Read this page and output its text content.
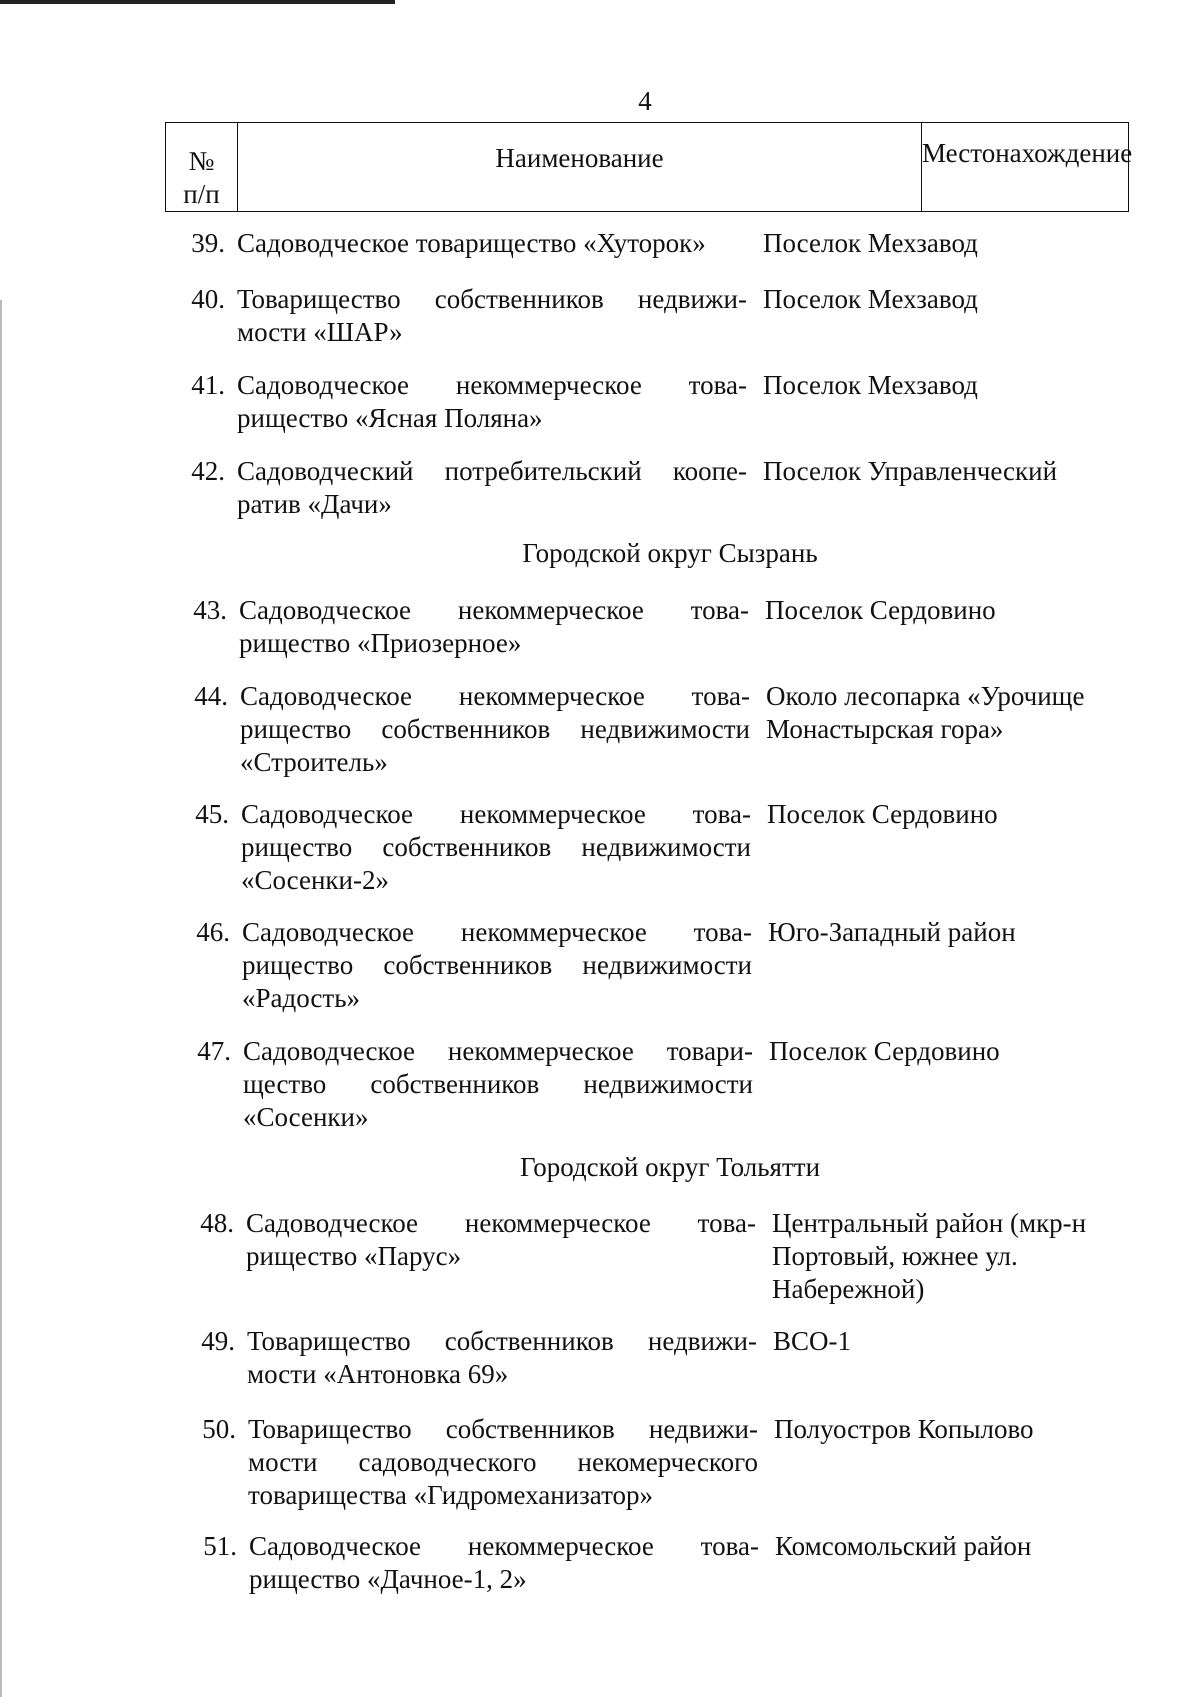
4
№
п/п
Наименование	Местонахождение
39. Садоводческое товарищество «Хуторок»	Поселок Мехзавод
40. Товарищество собственников недвижи- мости «ШАР»
Поселок Мехзавод
41. Садоводческое некоммерческое това- рищество «Ясная Поляна»
Поселок Мехзавод
42. Садоводческий потребительский коопе- ратив «Дачи»
Поселок Управленческий
Городской округ Сызрань
43. Садоводческое некоммерческое това- рищество «Приозерное»
Поселок Сердовино
44. Садоводческое некоммерческое това- рищество собственников недвижимости «Строитель»
Около лесопарка «Урочище Монастырская гора»
45. Садоводческое некоммерческое това- рищество собственников недвижимости «Сосенки-2»
Поселок Сердовино
46. Садоводческое некоммерческое това- рищество собственников недвижимости «Радость»
Юго-Западный район
47. Садоводческое некоммерческое товари- щество собственников недвижимости «Сосенки»
Поселок Сердовино
Городской округ Тольятти
48. Садоводческое некоммерческое това- рищество «Парус»
Центральный район (мкр-н Портовый, южнее ул. Набережной)
49. Товарищество собственников недвижи- мости «Антоновка 69»
ВСО-1
50. Товарищество собственников недвижи- мости садоводческого некомерческого товарищества «Гидромеханизатор»
Полуостров Копылово
51. Садоводческое некоммерческое това- рищество «Дачное-1, 2»
Комсомольский район
